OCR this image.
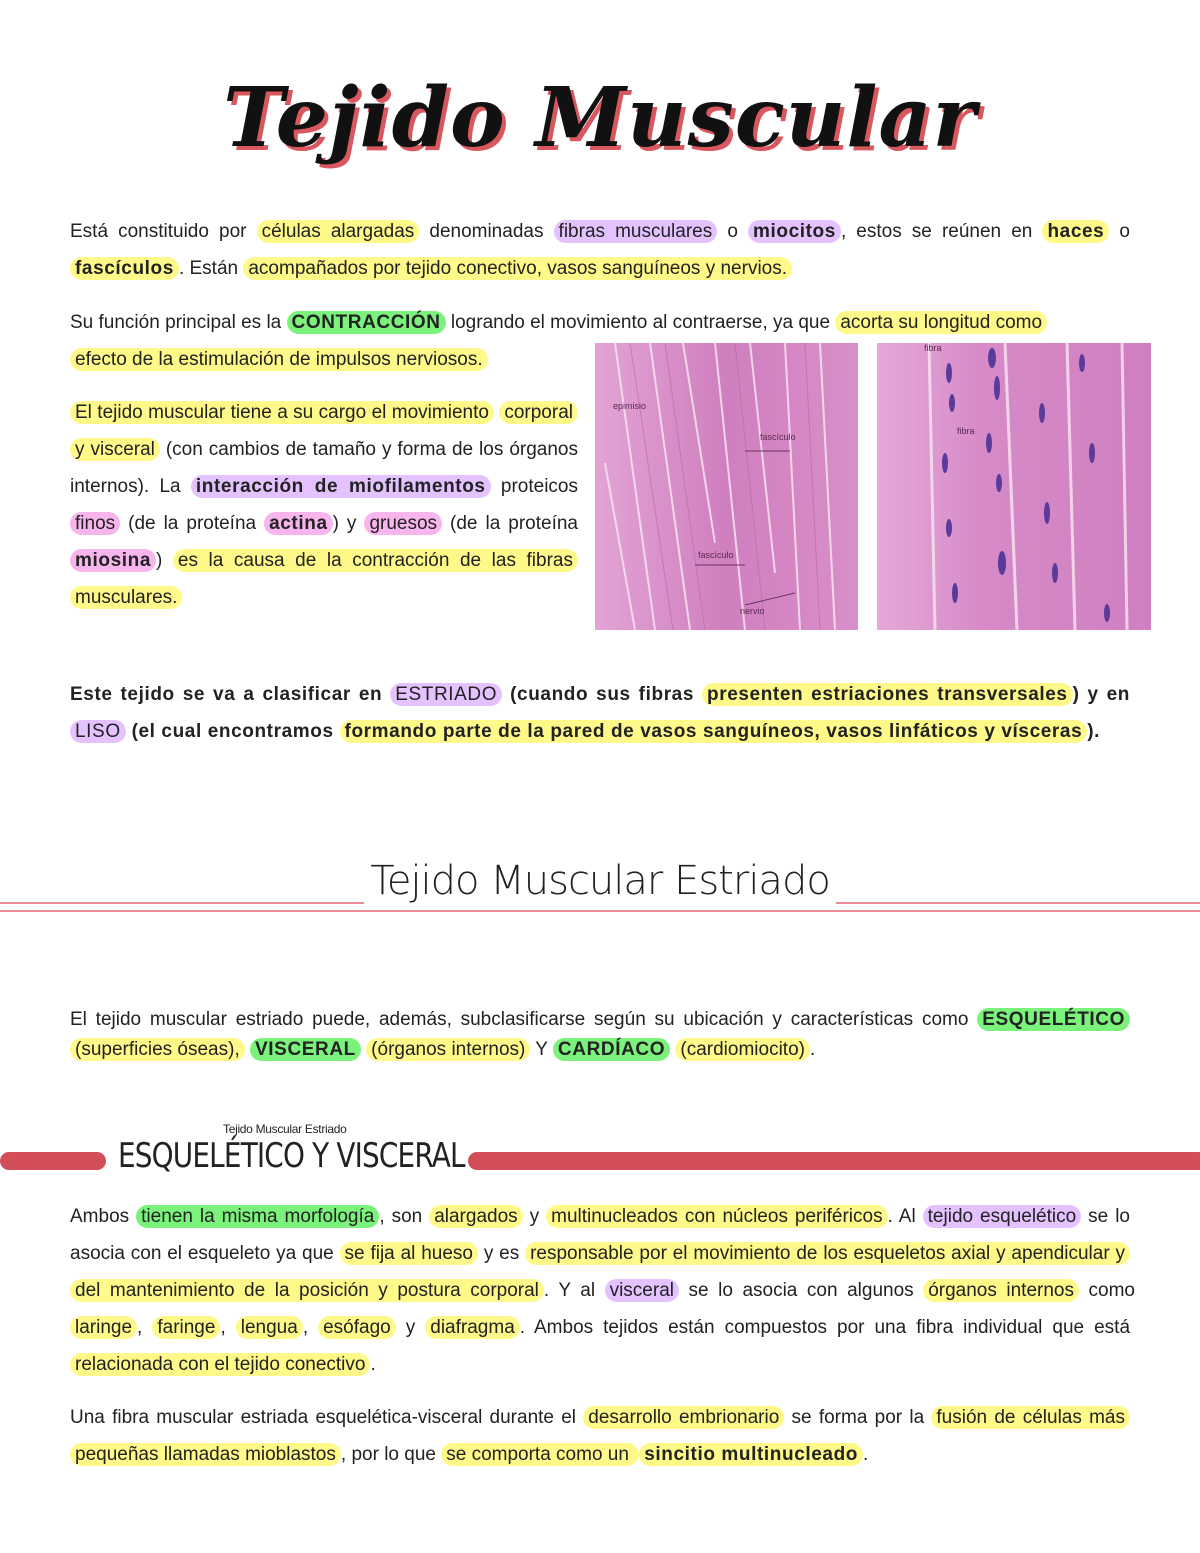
Tejido Muscular
Está constituido por células alargadas denominadas fibras musculares o miocitos , estos se reúnen en haces o fascículos . Están acompañados por tejido conectivo, vasos sanguíneos y nervios.
Su función principal es la CONTRACCIÓN logrando el movimiento al contraerse, ya que acorta su longitud como
efecto de la estimulación de impulsos nerviosos.
El tejido muscular tiene a su cargo el movimiento corporal y visceral (con cambios de tamaño y forma de los órganos internos). La interacción de miofilamentos proteicos finos (de la proteína actina ) y gruesos (de la proteína miosina ) es la causa de la contracción de las fibras musculares.
epimisio
fascículo
fascículo
nervio
fibra
fibra
Este tejido se va a clasificar en ESTRIADO (cuando sus fibras presenten estriaciones transversales ) y en LISO (el cual encontramos formando parte de la pared de vasos sanguíneos, vasos linfáticos y vísceras ).
Tejido Muscular Estriado
El tejido muscular estriado puede, además, subclasificarse según su ubicación y características como ESQUELÉTICO (superficies óseas), VISCERAL (órganos internos) Y CARDÍACO (cardiomiocito) .
Tejido Muscular Estriado
ESQUELÉTICO Y VISCERAL
Ambos tienen la misma morfología , son alargados y multinucleados con núcleos periféricos . Al tejido esquelético se lo asocia con el esqueleto ya que se fija al hueso y es responsable por el movimiento de los esqueletos axial y apendicular y del mantenimiento de la posición y postura corporal . Y al visceral se lo asocia con algunos órganos internos como laringe , faringe , lengua , esófago y diafragma . Ambos tejidos están compuestos por una fibra individual que está relacionada con el tejido conectivo .
Una fibra muscular estriada esquelética-visceral durante el desarrollo embrionario se forma por la fusión de células más pequeñas llamadas mioblastos , por lo que se comporta como un sincitio multinucleado .
